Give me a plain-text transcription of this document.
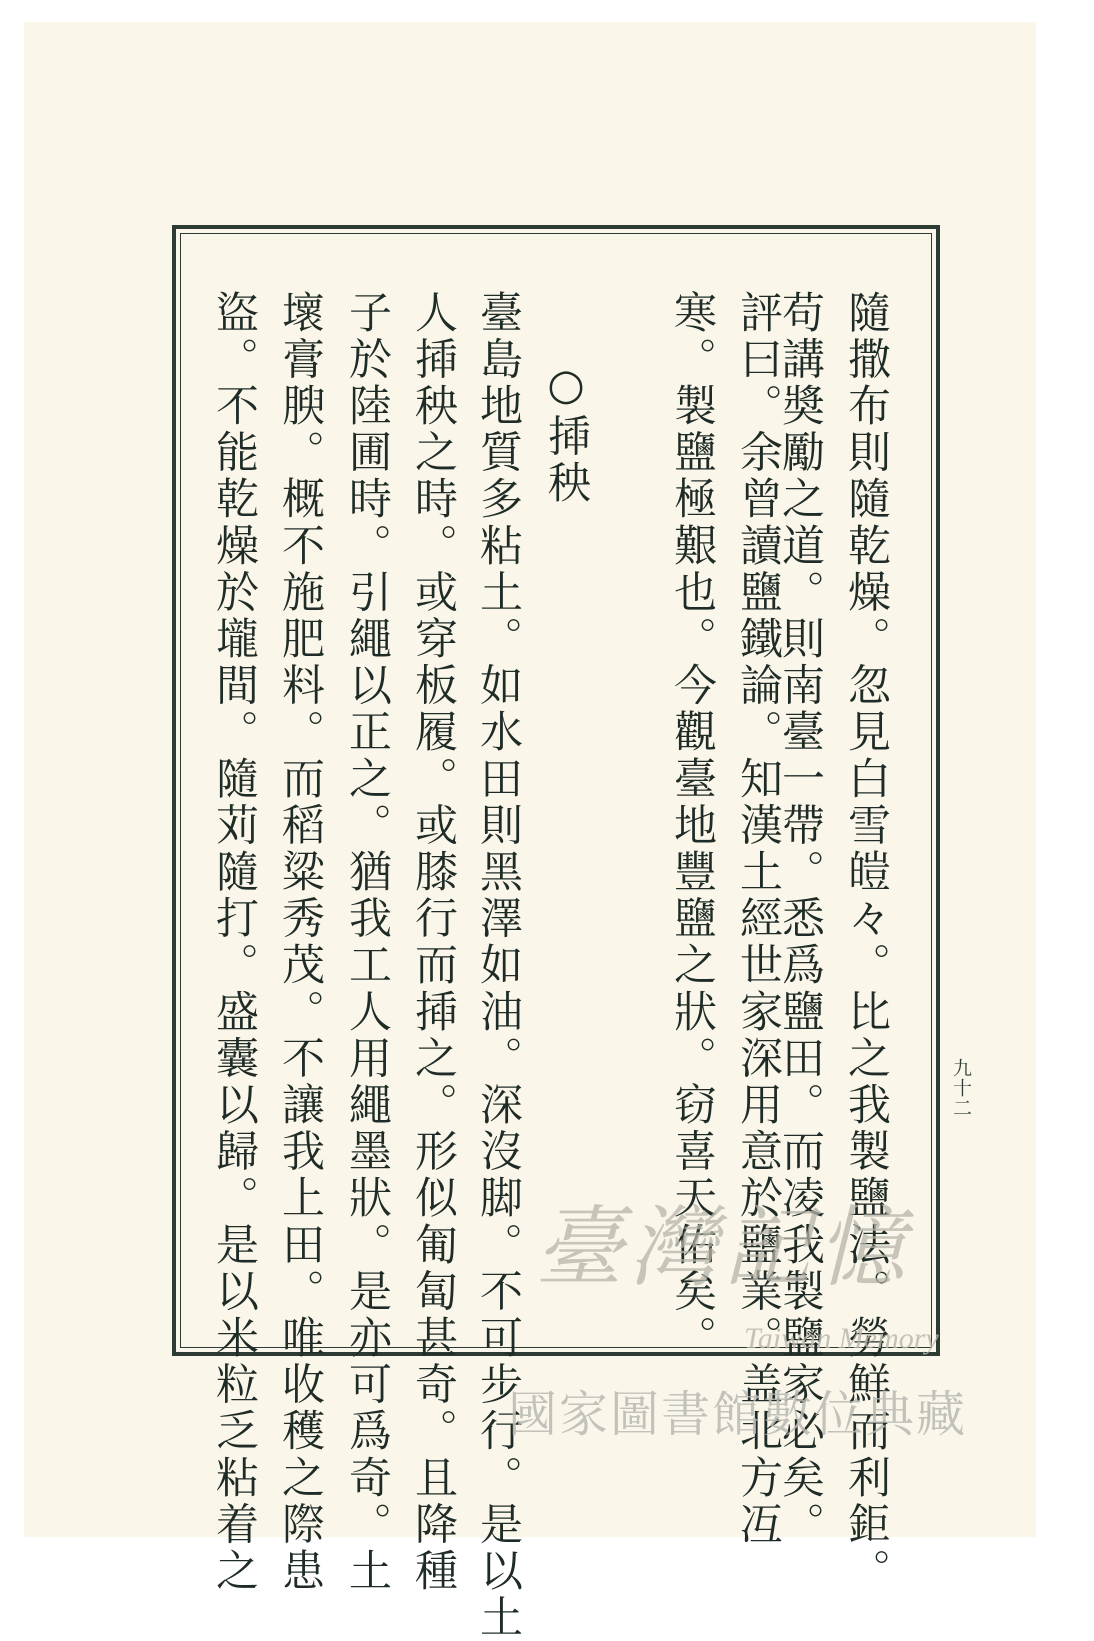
九十二
隨撒布則隨乾燥。忽見白雪皚々。比之我製鹽法。勞鮮而利鉅。
苟講奬勵之道。則南臺一帶。悉爲鹽田。而凌我製鹽家必矣。
評曰。余曾讀鹽鐵論。知漢土經世家深用意於鹽業。盖北方冱
寒。製鹽極艱也。今觀臺地豐鹽之狀。窃喜天佑矣。
○揷秧
臺島地質多粘土。如水田則黑澤如油。深沒脚。不可步行。是以土
人揷秧之時。或穿板履。或膝行而揷之。形似匍匐甚奇。且降種
子於陸圃時。引繩以正之。猶我工人用繩墨狀。是亦可爲奇。土
壞膏腴。概不施肥料。而稻粱秀茂。不讓我上田。唯收穫之際患
盜。不能乾燥於壠間。隨苅隨打。盛囊以歸。是以米粒乏粘着之	臺灣記憶
Taiwan Memory
國家圖書館數位典藏
